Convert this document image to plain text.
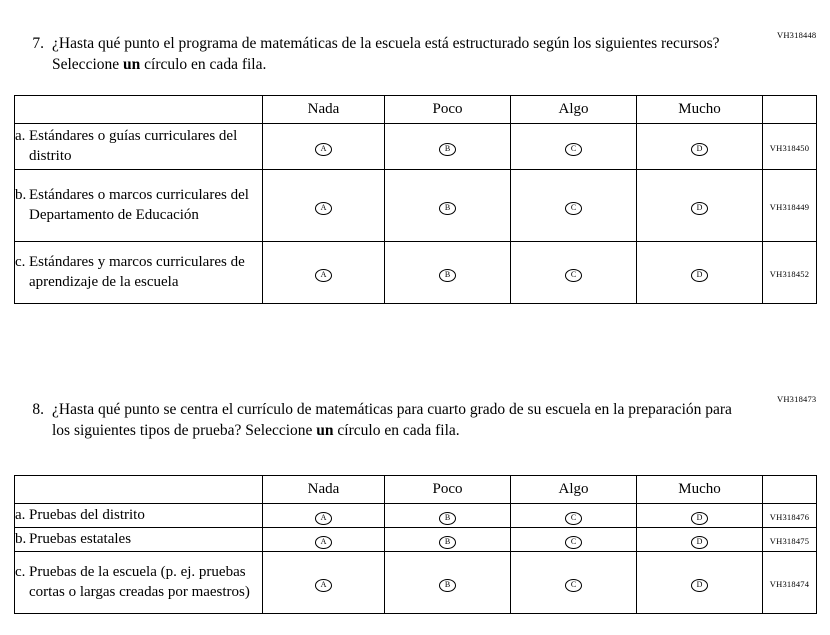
VH318448
7. ¿Hasta qué punto el programa de matemáticas de la escuela está estructurado según los siguientes recursos? Seleccione un círculo en cada fila.
	Nada	Poco	Algo	Mucho	

a. Estándares o guías curriculares del distrito	A	B	C	D	VH318450

b. Estándares o marcos curriculares del Departamento de Educación	A	B	C	D	VH318449

c. Estándares y marcos curriculares de aprendizaje de la escuela	A	B	C	D	VH318452
VH318473
8. ¿Hasta qué punto se centra el currículo de matemáticas para cuarto grado de su escuela en la preparación para los siguientes tipos de prueba? Seleccione un círculo en cada fila.
	Nada	Poco	Algo	Mucho	

a. Pruebas del distrito	A	B	C	D	VH318476

b. Pruebas estatales	A	B	C	D	VH318475

c. Pruebas de la escuela (p. ej. pruebas cortas o largas creadas por maestros)	A	B	C	D	VH318474
